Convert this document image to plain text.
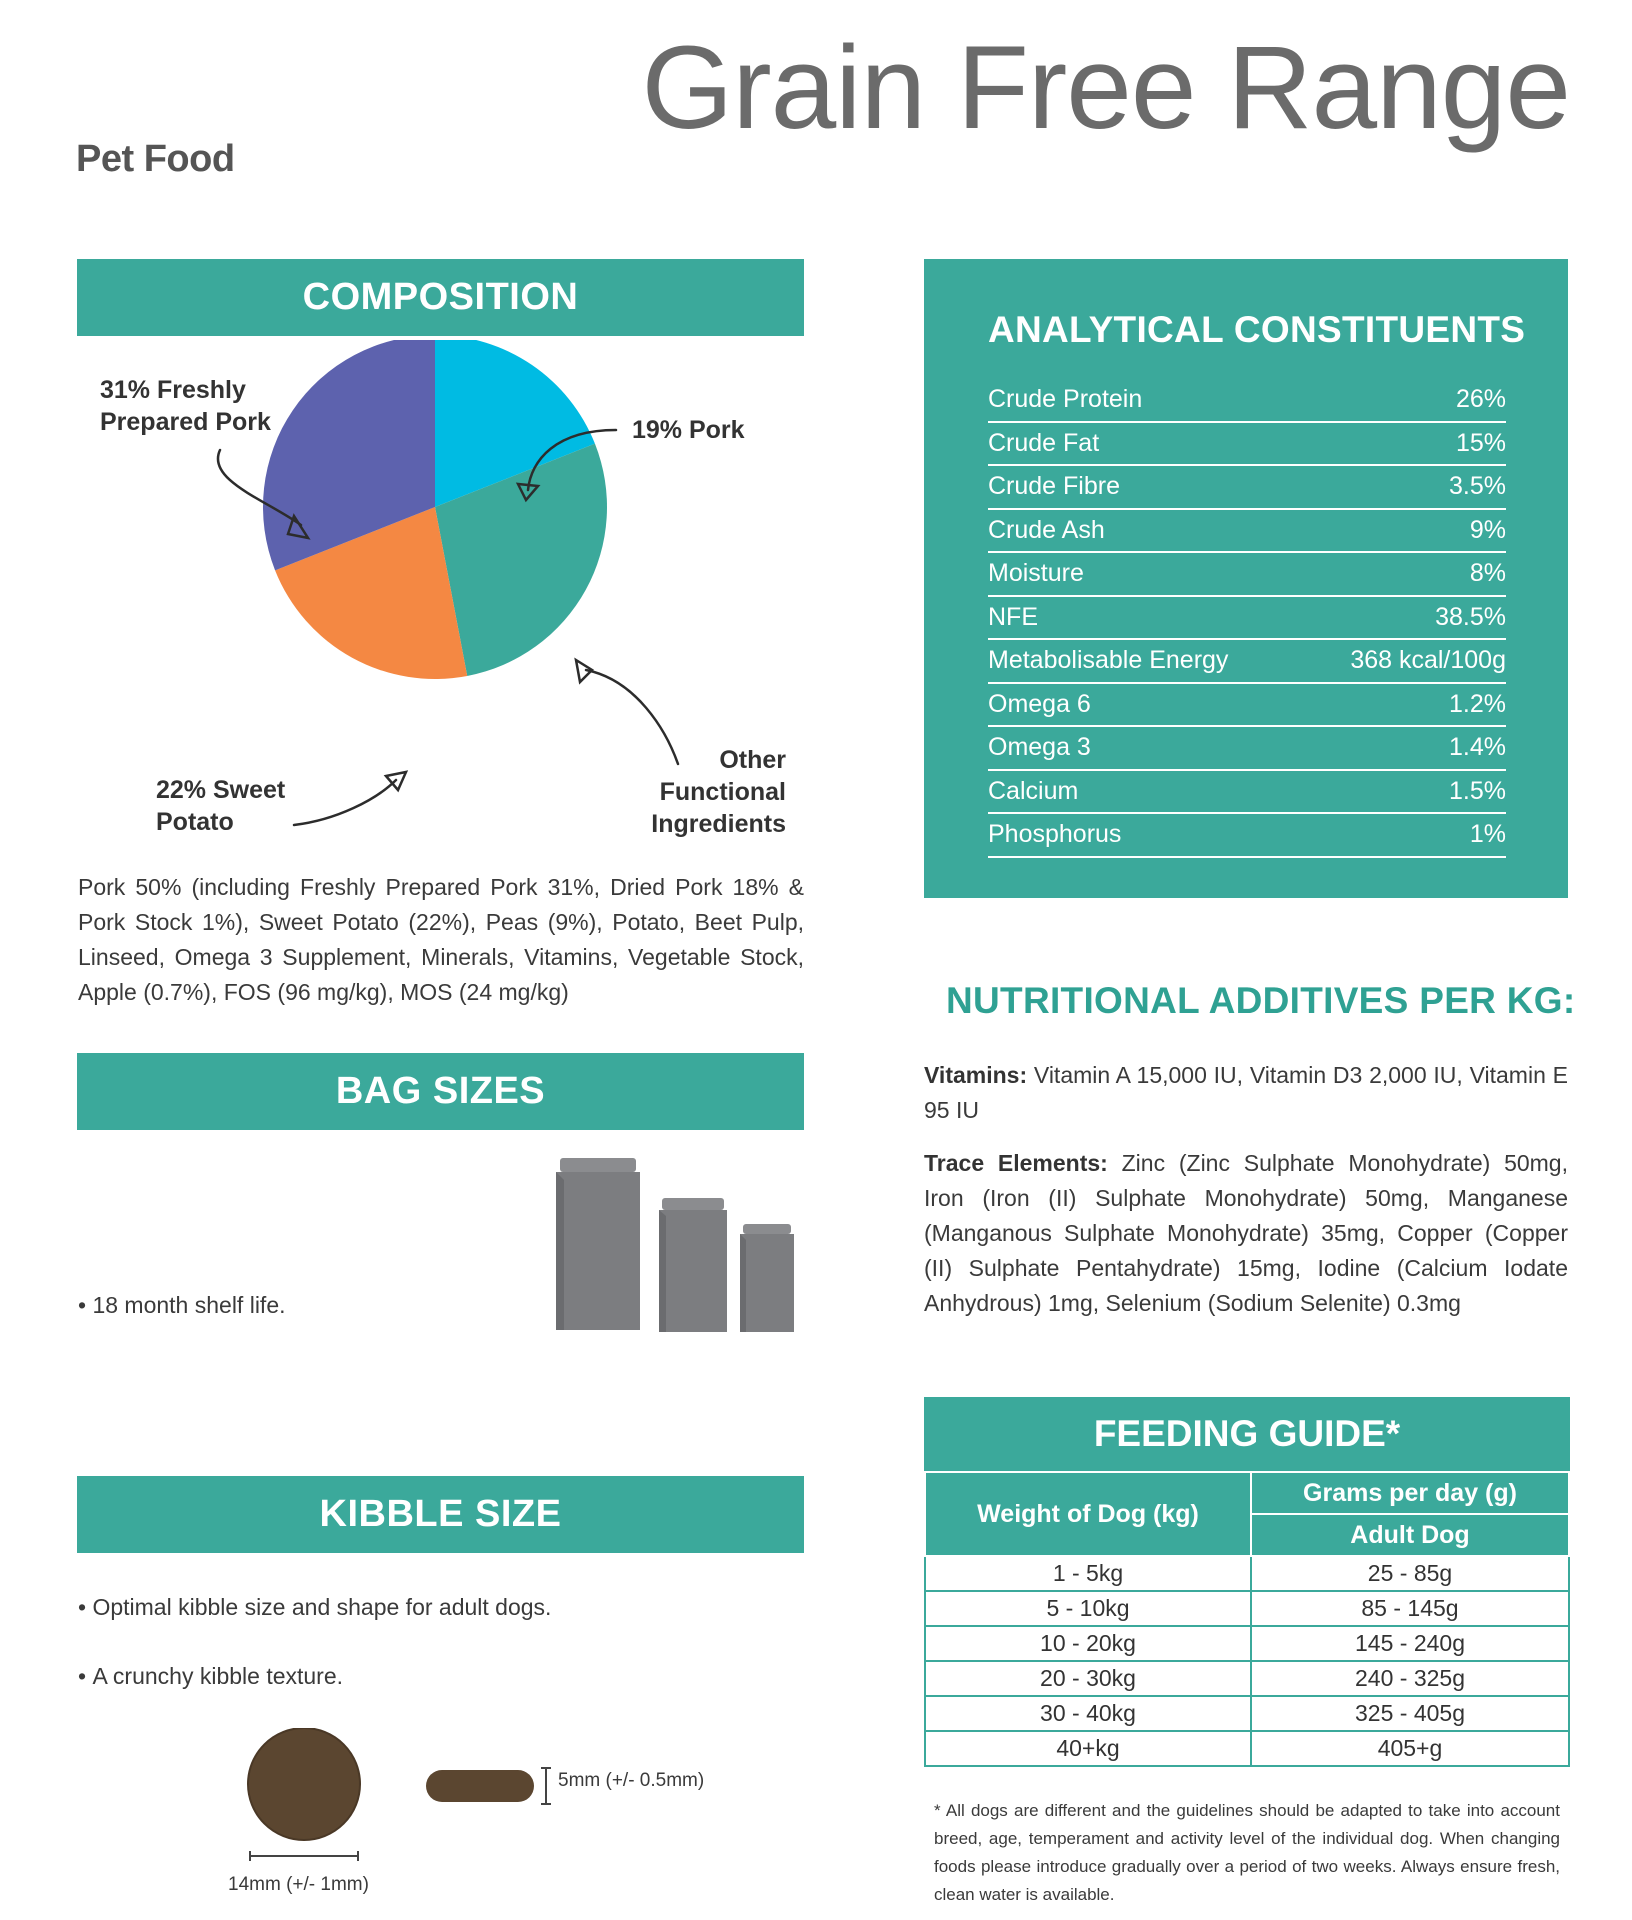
Pet Food
Grain Free Range
COMPOSITION
31% Freshly
Prepared Pork	19% Pork
22% Sweet
Potato
Other
Functional
Ingredients
Pork 50% (including Freshly Prepared Pork 31%, Dried Pork 18% & Pork Stock 1%), Sweet Potato (22%), Peas (9%), Potato, Beet Pulp, Linseed, Omega 3 Supplement, Minerals, Vitamins, Vegetable Stock, Apple (0.7%), FOS (96 mg/kg), MOS (24 mg/kg)
BAG SIZES
• 18 month shelf life.
KIBBLE SIZE
• Optimal kibble size and shape for adult dogs.
• A crunchy kibble texture.
14mm (+/- 1mm)
5mm (+/- 0.5mm)
ANALYTICAL CONSTITUENTS
Crude Protein	26%
Crude Fat	15%
Crude Fibre	3.5%
Crude Ash	9%
Moisture	8%
NFE	38.5%
Metabolisable Energy	368 kcal/100g
Omega 6	1.2%
Omega 3	1.4%
Calcium	1.5%
Phosphorus	1%
NUTRITIONAL ADDITIVES PER KG:
Vitamins: Vitamin A 15,000 IU, Vitamin D3 2,000 IU, Vitamin E 95 IU
Trace Elements: Zinc (Zinc Sulphate Monohydrate) 50mg, Iron (Iron (II) Sulphate Monohydrate) 50mg, Manganese (Manganous Sulphate Monohydrate) 35mg, Copper (Copper (II) Sulphate Pentahydrate) 15mg, Iodine (Calcium Iodate Anhydrous) 1mg, Selenium (Sodium Selenite) 0.3mg
FEEDING GUIDE*
Weight of Dog (kg)	Grams per day (g)
	Adult Dog
1 - 5kg	25 - 85g
5 - 10kg	85 - 145g
10 - 20kg	145 - 240g
20 - 30kg	240 - 325g
30 - 40kg	325 - 405g
40+kg	405+g
* All dogs are different and the guidelines should be adapted to take into account breed, age, temperament and activity level of the individual dog. When changing foods please introduce gradually over a period of two weeks. Always ensure fresh, clean water is available.
